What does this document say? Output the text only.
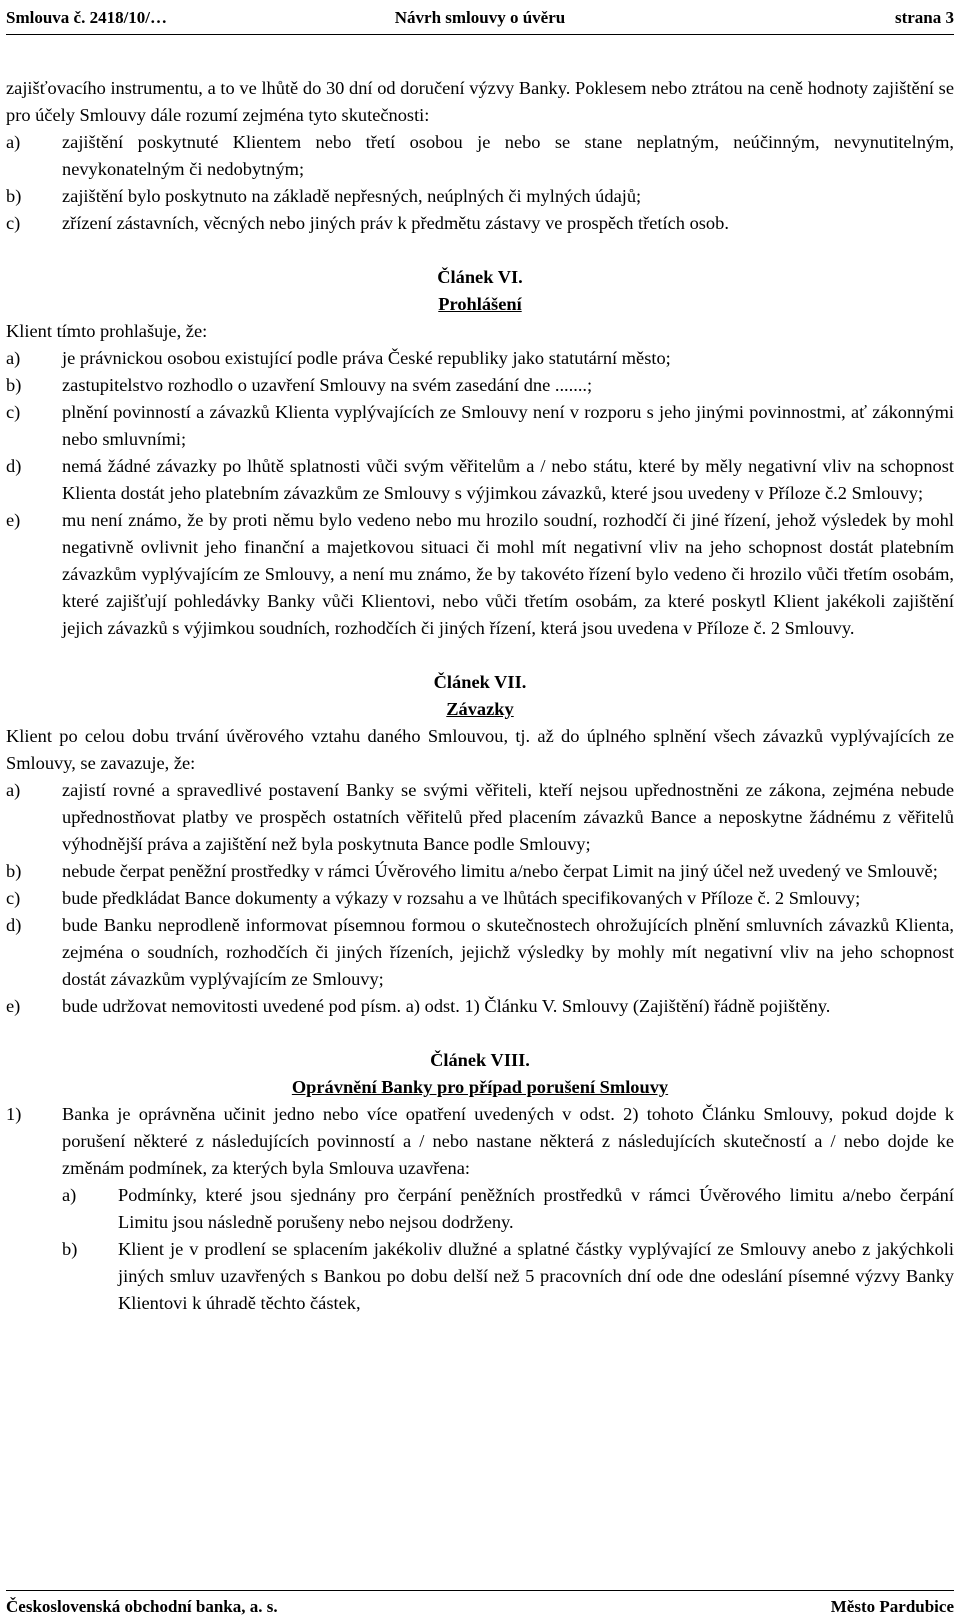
Smlouva č. 2418/10/…	Návrh smlouvy o úvěru	strana 3

zajišťovacího instrumentu, a to ve lhůtě do 30 dní od doručení výzvy Banky. Poklesem nebo ztrátou na ceně hodnoty zajištění se pro účely Smlouvy dále rozumí zejména tyto skutečnosti:

a)	zajištění poskytnuté Klientem nebo třetí osobou je nebo se stane neplatným, neúčinným, nevynutitelným, nevykonatelným či nedobytným;
b)	zajištění bylo poskytnuto na základě nepřesných, neúplných či mylných údajů;
c)	zřízení zástavních, věcných nebo jiných práv k předmětu zástavy ve prospěch třetích osob.
Článek VI.
Prohlášení

Klient tímto prohlašuje, že:

a)	je právnickou osobou existující podle práva České republiky jako statutární město;
b)	zastupitelstvo rozhodlo o uzavření Smlouvy na svém zasedání dne .......;
c)	plnění povinností a závazků Klienta vyplývajících ze Smlouvy není v rozporu s jeho jinými povinnostmi, ať zákonnými nebo smluvními;
d)	nemá žádné závazky po lhůtě splatnosti vůči svým věřitelům a / nebo státu, které by měly negativní vliv na schopnost Klienta dostát jeho platebním závazkům ze Smlouvy s výjimkou závazků, které jsou uvedeny v Příloze č.2 Smlouvy;
e)	mu není známo, že by proti němu bylo vedeno nebo mu hrozilo soudní, rozhodčí či jiné řízení, jehož výsledek by mohl negativně ovlivnit jeho finanční a majetkovou situaci či mohl mít negativní vliv na jeho schopnost dostát platebním závazkům vyplývajícím ze Smlouvy, a není mu známo, že by takovéto řízení bylo vedeno či hrozilo vůči třetím osobám, které zajišťují pohledávky Banky vůči Klientovi, nebo vůči třetím osobám, za které poskytl Klient jakékoli zajištění jejich závazků s výjimkou soudních, rozhodčích či jiných řízení, která jsou uvedena v Příloze č. 2 Smlouvy.
Článek VII.
Závazky

Klient po celou dobu trvání úvěrového vztahu daného Smlouvou, tj. až do úplného splnění všech závazků vyplývajících ze Smlouvy, se zavazuje, že:

a)	zajistí rovné a spravedlivé postavení Banky se svými věřiteli, kteří nejsou upřednostněni ze zákona, zejména nebude upřednostňovat platby ve prospěch ostatních věřitelů před placením závazků Bance a neposkytne žádnému z věřitelů výhodnější práva a zajištění než byla poskytnuta Bance podle Smlouvy;
b)	nebude čerpat peněžní prostředky v rámci Úvěrového limitu a/nebo čerpat Limit na jiný účel než uvedený ve Smlouvě;
c)	bude předkládat Bance dokumenty a výkazy v rozsahu a ve lhůtách specifikovaných v Příloze č. 2 Smlouvy;
d)	bude Banku neprodleně informovat písemnou formou o skutečnostech ohrožujících plnění smluvních závazků Klienta, zejména o soudních, rozhodčích či jiných řízeních, jejichž výsledky by mohly mít negativní vliv na jeho schopnost dostát závazkům vyplývajícím ze Smlouvy;
e)	bude udržovat nemovitosti uvedené pod písm. a) odst. 1) Článku V. Smlouvy (Zajištění) řádně pojištěny.
Článek VIII.
Oprávnění Banky pro případ porušení Smlouvy
1)	Banka je oprávněna učinit jedno nebo více opatření uvedených v odst. 2) tohoto Článku Smlouvy, pokud dojde k porušení některé z následujících povinností a / nebo nastane některá z následujících skutečností a / nebo dojde ke změnám podmínek, za kterých byla Smlouva uzavřena:
a)	Podmínky, které jsou sjednány pro čerpání peněžních prostředků v rámci Úvěrového limitu a/nebo čerpání Limitu jsou následně porušeny nebo nejsou dodrženy.
b)	Klient je v prodlení se splacením jakékoliv dlužné a splatné částky vyplývající ze Smlouvy anebo z jakýchkoli jiných smluv uzavřených s Bankou po dobu delší než 5 pracovních dní ode dne odeslání písemné výzvy Banky Klientovi k úhradě těchto částek,
Československá obchodní banka, a. s.	Město Pardubice
